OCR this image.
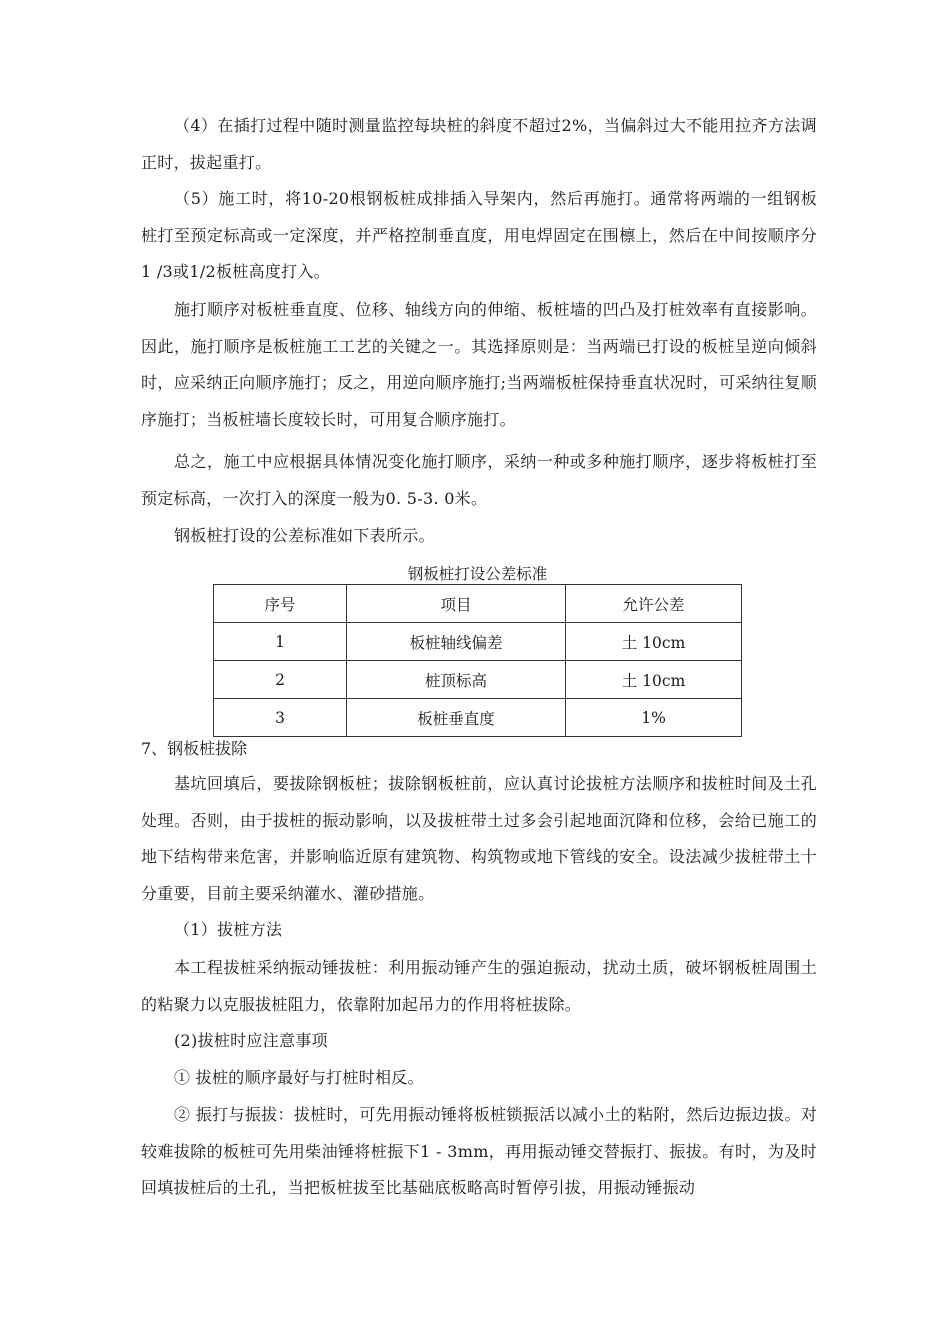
（4）在插打过程中随时测量监控每块桩的斜度不超过2%，当偏斜过大不能用拉齐方法调正时，拔起重打。

（5）施工时，将10-20根钢板桩成排插入导架内，然后再施打。通常将两端的一组钢板桩打至预定标高或一定深度，并严格控制垂直度，用电焊固定在围檩上，然后在中间按顺序分1 /3或1/2板桩高度打入。

施打顺序对板桩垂直度、位移、轴线方向的伸缩、板桩墙的凹凸及打桩效率有直接影响。因此，施打顺序是板桩施工工艺的关键之一。其选择原则是：当两端已打设的板桩呈逆向倾斜时，应采纳正向顺序施打；反之，用逆向顺序施打;当两端板桩保持垂直状况时，可采纳往复顺序施打；当板桩墙长度较长时，可用复合顺序施打。

总之，施工中应根据具体情况变化施打顺序，采纳一种或多种施打顺序，逐步将板桩打至预定标高，一次打入的深度一般为0. 5-3. 0米。

钢板桩打设的公差标准如下表所示。

钢板桩打设公差标准
序号	项目	允许公差
1	板桩轴线偏差	土 10cm
2	桩顶标高	土 10cm
3	板桩垂直度	1%

7、钢板桩拔除

基坑回填后，要拔除钢板桩；拔除钢板桩前，应认真讨论拔桩方法顺序和拔桩时间及土孔处理。否则，由于拔桩的振动影响，以及拔桩带土过多会引起地面沉降和位移，会给已施工的地下结构带来危害，并影响临近原有建筑物、构筑物或地下管线的安全。设法减少拔桩带土十分重要，目前主要采纳灌水、灌砂措施。

（1）拔桩方法

本工程拔桩采纳振动锤拔桩：利用振动锤产生的强迫振动，扰动土质，破坏钢板桩周围土的粘聚力以克服拔桩阻力，依靠附加起吊力的作用将桩拔除。

(2)拔桩时应注意事项

① 拔桩的顺序最好与打桩时相反。

② 振打与振拔：拔桩时，可先用振动锤将板桩锁振活以减小土的粘附，然后边振边拔。对较难拔除的板桩可先用柴油锤将桩振下1 - 3mm，再用振动锤交替振打、振拔。有时，为及时回填拔桩后的土孔，当把板桩拔至比基础底板略高时暂停引拔，用振动锤振动
